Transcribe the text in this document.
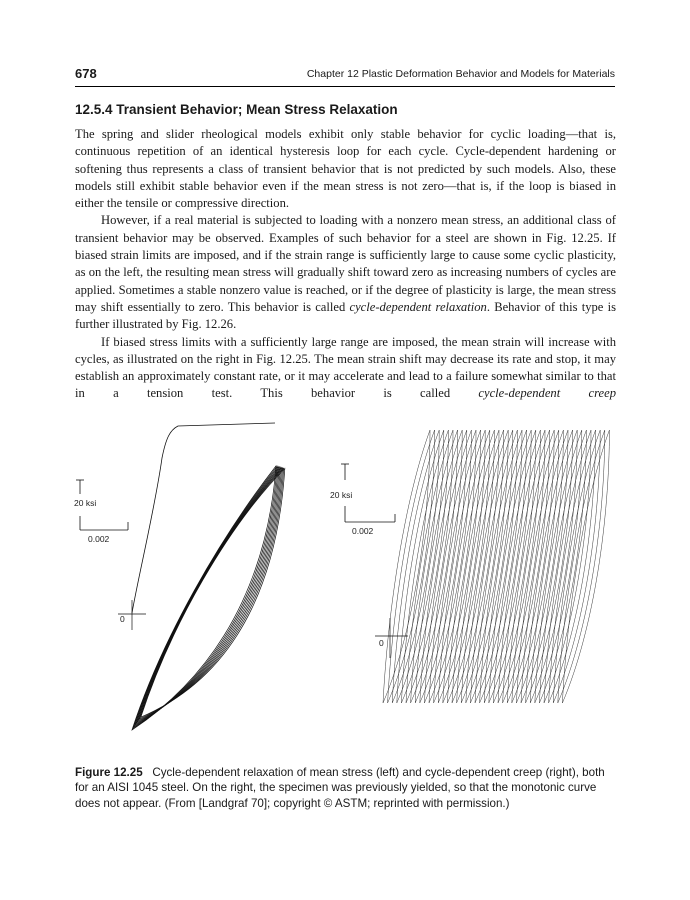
678	Chapter 12 Plastic Deformation Behavior and Models for Materials
12.5.4 Transient Behavior; Mean Stress Relaxation

The spring and slider rheological models exhibit only stable behavior for cyclic loading—that is, continuous repetition of an identical hysteresis loop for each cycle. Cycle-dependent hardening or softening thus represents a class of transient behavior that is not predicted by such models. Also, these models still exhibit stable behavior even if the mean stress is not zero—that is, if the loop is biased in either the tensile or compressive direction.

However, if a real material is subjected to loading with a nonzero mean stress, an additional class of transient behavior may be observed. Examples of such behavior for a steel are shown in Fig. 12.25. If biased strain limits are imposed, and if the strain range is sufficiently large to cause some cyclic plasticity, as on the left, the resulting mean stress will gradually shift toward zero as increasing numbers of cycles are applied. Sometimes a stable nonzero value is reached, or if the degree of plasticity is large, the mean stress may shift essentially to zero. This behavior is called cycle-dependent relaxation. Behavior of this type is further illustrated by Fig. 12.26.

If biased stress limits with a sufficiently large range are imposed, the mean strain will increase with cycles, as illustrated on the right in Fig. 12.25. The mean strain shift may decrease its rate and stop, it may establish an approximately constant rate, or it may accelerate and lead to a failure somewhat similar to that in a tension test. This behavior is called cycle-dependent creep

20 ksi
0.002
0
20 ksi
0.002
0
Figure 12.25 Cycle-dependent relaxation of mean stress (left) and cycle-dependent creep (right), both for an AISI 1045 steel. On the right, the specimen was previously yielded, so that the monotonic curve does not appear. (From [Landgraf 70]; copyright © ASTM; reprinted with permission.)
